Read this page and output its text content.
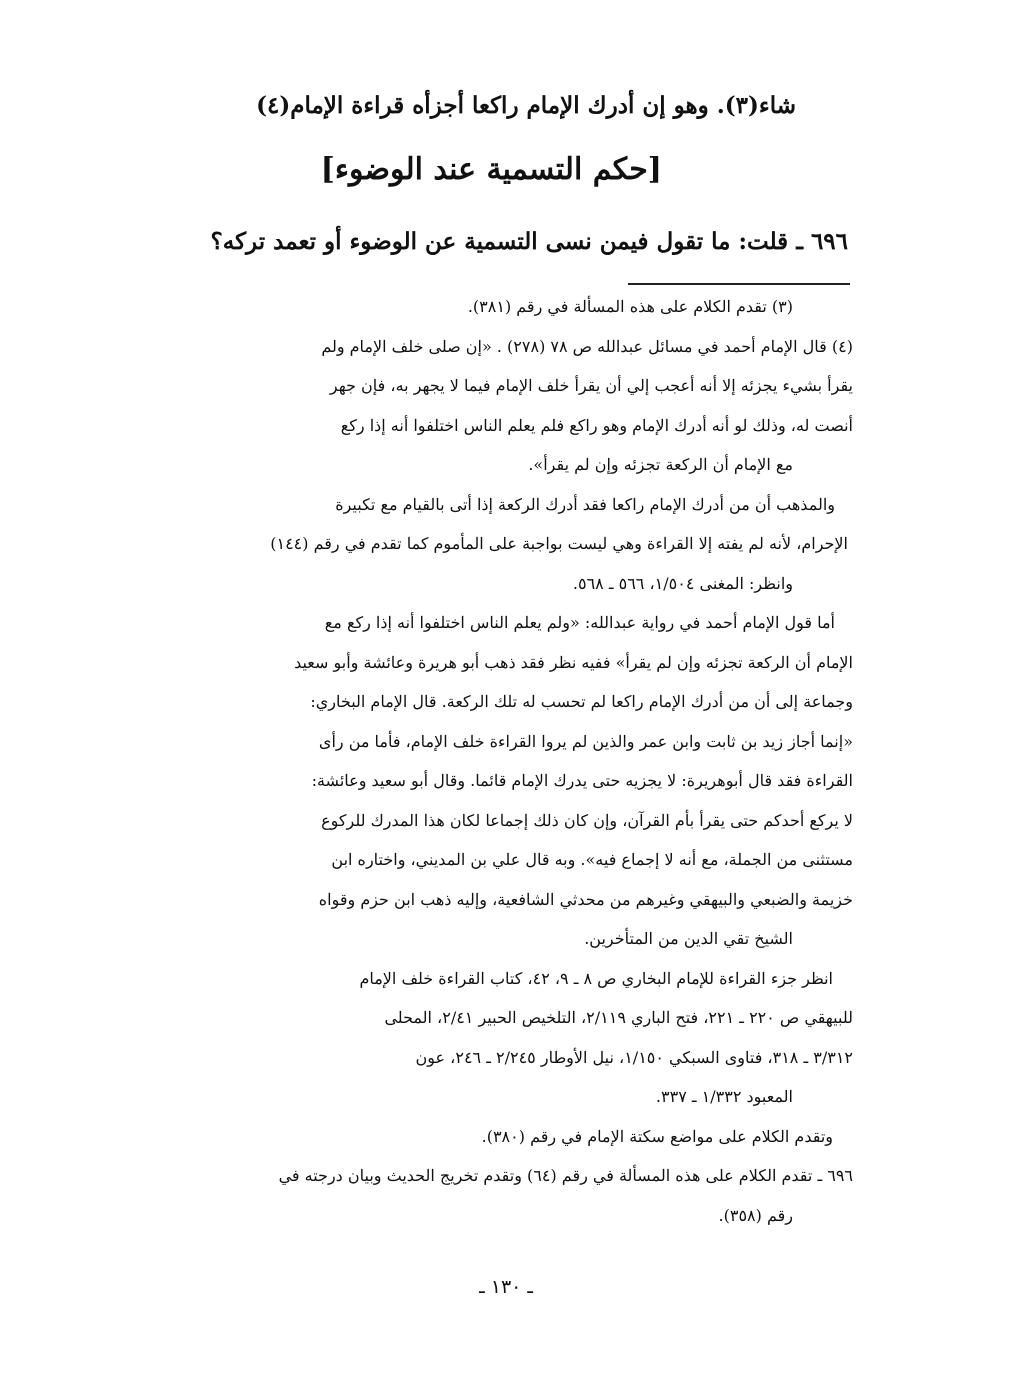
شاء(٣). وهو إن أدرك الإمام راكعا أجزأه قراءة الإمام(٤)
[حكم التسمية عند الوضوء]
٦٩٦ ـ قلت: ما تقول فيمن نسى التسمية عن الوضوء أو تعمد تركه؟
(٣) تقدم الكلام على هذه المسألة في رقم (٣٨١).
(٤) قال الإمام أحمد في مسائل عبدالله ص ٧٨ (٢٧٨) . «إن صلى خلف الإمام ولم
يقرأ بشيء يجزئه إلا أنه أعجب إلي أن يقرأ خلف الإمام فيما لا يجهر به، فإن جهر
أنصت له، وذلك لو أنه أدرك الإمام وهو راكع فلم يعلم الناس اختلفوا أنه إذا ركع
مع الإمام أن الركعة تجزئه وإن لم يقرأ».
والمذهب أن من أدرك الإمام راكعا فقد أدرك الركعة إذا أتى بالقيام مع تكبيرة
الإحرام، لأنه لم يفته إلا القراءة وهي ليست بواجبة على المأموم كما تقدم في رقم (١٤٤)
وانظر: المغنى ١/٥٠٤، ٥٦٦ ـ ٥٦٨.
أما قول الإمام أحمد في رواية عبدالله: «ولم يعلم الناس اختلفوا أنه إذا ركع مع
الإمام أن الركعة تجزئه وإن لم يقرأ» ففيه نظر فقد ذهب أبو هريرة وعائشة وأبو سعيد
وجماعة إلى أن من أدرك الإمام راكعا لم تحسب له تلك الركعة. قال الإمام البخاري:
«إنما أجاز زيد بن ثابت وابن عمر والذين لم يروا القراءة خلف الإمام، فأما من رأى
القراءة فقد قال أبوهريرة: لا يجزيه حتى يدرك الإمام قائما. وقال أبو سعيد وعائشة:
لا يركع أحدكم حتى يقرأ بأم القرآن، وإن كان ذلك إجماعا لكان هذا المدرك للركوع
مستثنى من الجملة، مع أنه لا إجماع فيه». وبه قال علي بن المديني، واختاره ابن
خزيمة والضبعي والبيهقي وغيرهم من محدثي الشافعية، وإليه ذهب ابن حزم وقواه
الشيخ تقي الدين من المتأخرين.
انظر جزء القراءة للإمام البخاري ص ٨ ـ ٩، ٤٢، كتاب القراءة خلف الإمام
للبيهقي ص ٢٢٠ ـ ٢٢١، فتح الباري ٢/١١٩، التلخيص الحبير ٢/٤١، المحلى
٣/٣١٢ ـ ٣١٨، فتاوى السبكي ١/١٥٠، نيل الأوطار ٢/٢٤٥ ـ ٢٤٦، عون
المعبود ١/٣٣٢ ـ ٣٣٧.
وتقدم الكلام على مواضع سكتة الإمام في رقم (٣٨٠).
٦٩٦ ـ تقدم الكلام على هذه المسألة في رقم (٦٤) وتقدم تخريج الحديث وبيان درجته في
رقم (٣٥٨).
ـ ١٣٠ ـ
